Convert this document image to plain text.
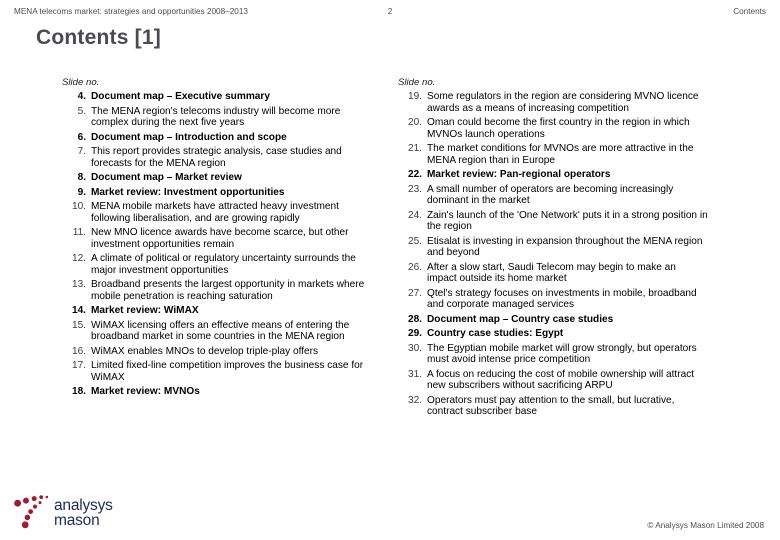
MENA telecoms market: strategies and opportunities 2008–2013	2	Contents
Contents [1]
Slide no.
4. Document map – Executive summary
5. The MENA region's telecoms industry will become more complex during the next five years
6. Document map – Introduction and scope
7. This report provides strategic analysis, case studies and forecasts for the MENA region
8. Document map – Market review
9. Market review: Investment opportunities
10. MENA mobile markets have attracted heavy investment following liberalisation, and are growing rapidly
11. New MNO licence awards have become scarce, but other investment opportunities remain
12. A climate of political or regulatory uncertainty surrounds the major investment opportunities
13. Broadband presents the largest opportunity in markets where mobile penetration is reaching saturation
14. Market review: WiMAX
15. WiMAX licensing offers an effective means of entering the broadband market in some countries in the MENA region
16. WiMAX enables MNOs to develop triple-play offers
17. Limited fixed-line competition improves the business case for WiMAX
18. Market review: MVNOs
Slide no.
19. Some regulators in the region are considering MVNO licence awards as a means of increasing competition
20. Oman could become the first country in the region in which MVNOs launch operations
21. The market conditions for MVNOs are more attractive in the MENA region than in Europe
22. Market review: Pan-regional operators
23. A small number of operators are becoming increasingly dominant in the market
24. Zain's launch of the 'One Network' puts it in a strong position in the region
25. Etisalat is investing in expansion throughout the MENA region and beyond
26. After a slow start, Saudi Telecom may begin to make an impact outside its home market
27. Qtel's strategy focuses on investments in mobile, broadband and corporate managed services
28. Document map – Country case studies
29. Country case studies: Egypt
30. The Egyptian mobile market will grow strongly, but operators must avoid intense price competition
31. A focus on reducing the cost of mobile ownership will attract new subscribers without sacrificing ARPU
32. Operators must pay attention to the small, but lucrative, contract subscriber base
analysys
mason	© Analysys Mason Limited 2008
